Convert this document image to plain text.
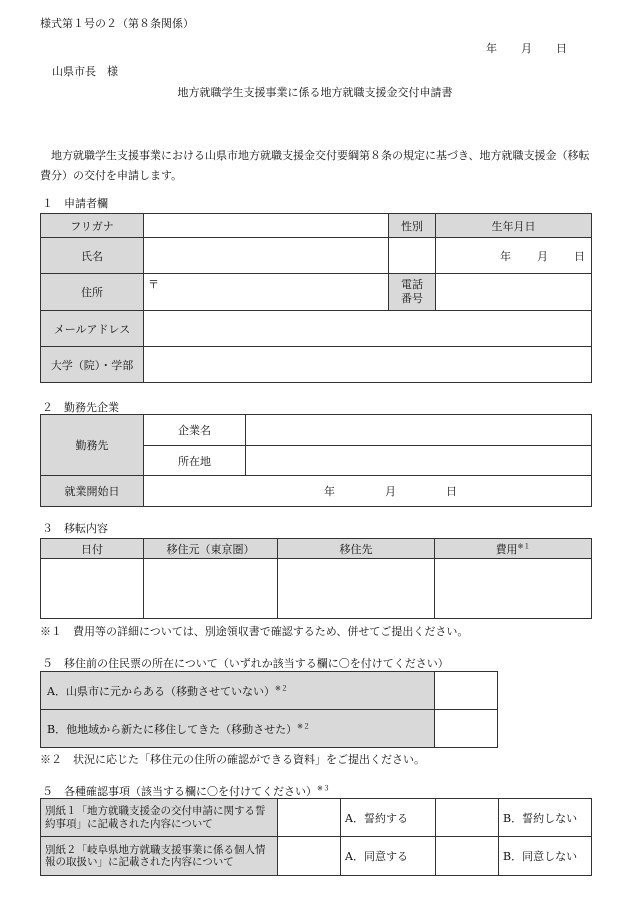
様式第１号の２（第８条関係）
年 月 日
山県市長　様
地方就職学生支援事業に係る地方就職支援金交付申請書
地方就職学生支援事業における山県市地方就職支援金交付要綱第８条の規定に基づき、地方就職支援金（移転費分）の交付を申請します。
１　申請者欄
フリガナ		性別	生年月日
氏名			年 月 日
住所	〒	電話番号	
メールアドレス			
大学（院）・学部			
２　勤務先企業
勤務先	企業名	
	所在地	
就業開始日	年 月 日	
３　移転内容
日付	移住元（東京圏）	移住先	費用$^{※1}$

※１　費用等の詳細については、別途領収書で確認するため、併せてご提出ください。
５　移住前の住民票の所在について（いずれか該当する欄に〇を付けてください）
A．山県市に元からある（移動させていない）$^{※2}$	
B．他地域から新たに移住してきた（移動させた）$^{※2}$	
※２　状況に応じた「移住元の住所の確認ができる資料」をご提出ください。
５　各種確認事項（該当する欄に〇を付けてください）$^{※3}$
別紙１「地方就職支援金の交付申請に関する誓約事項」に記載された内容について		A．誓約する		B．誓約しない
別紙２「岐阜県地方就職支援事業に係る個人情報の取扱い」に記載された内容について		A．同意する		B．同意しない
